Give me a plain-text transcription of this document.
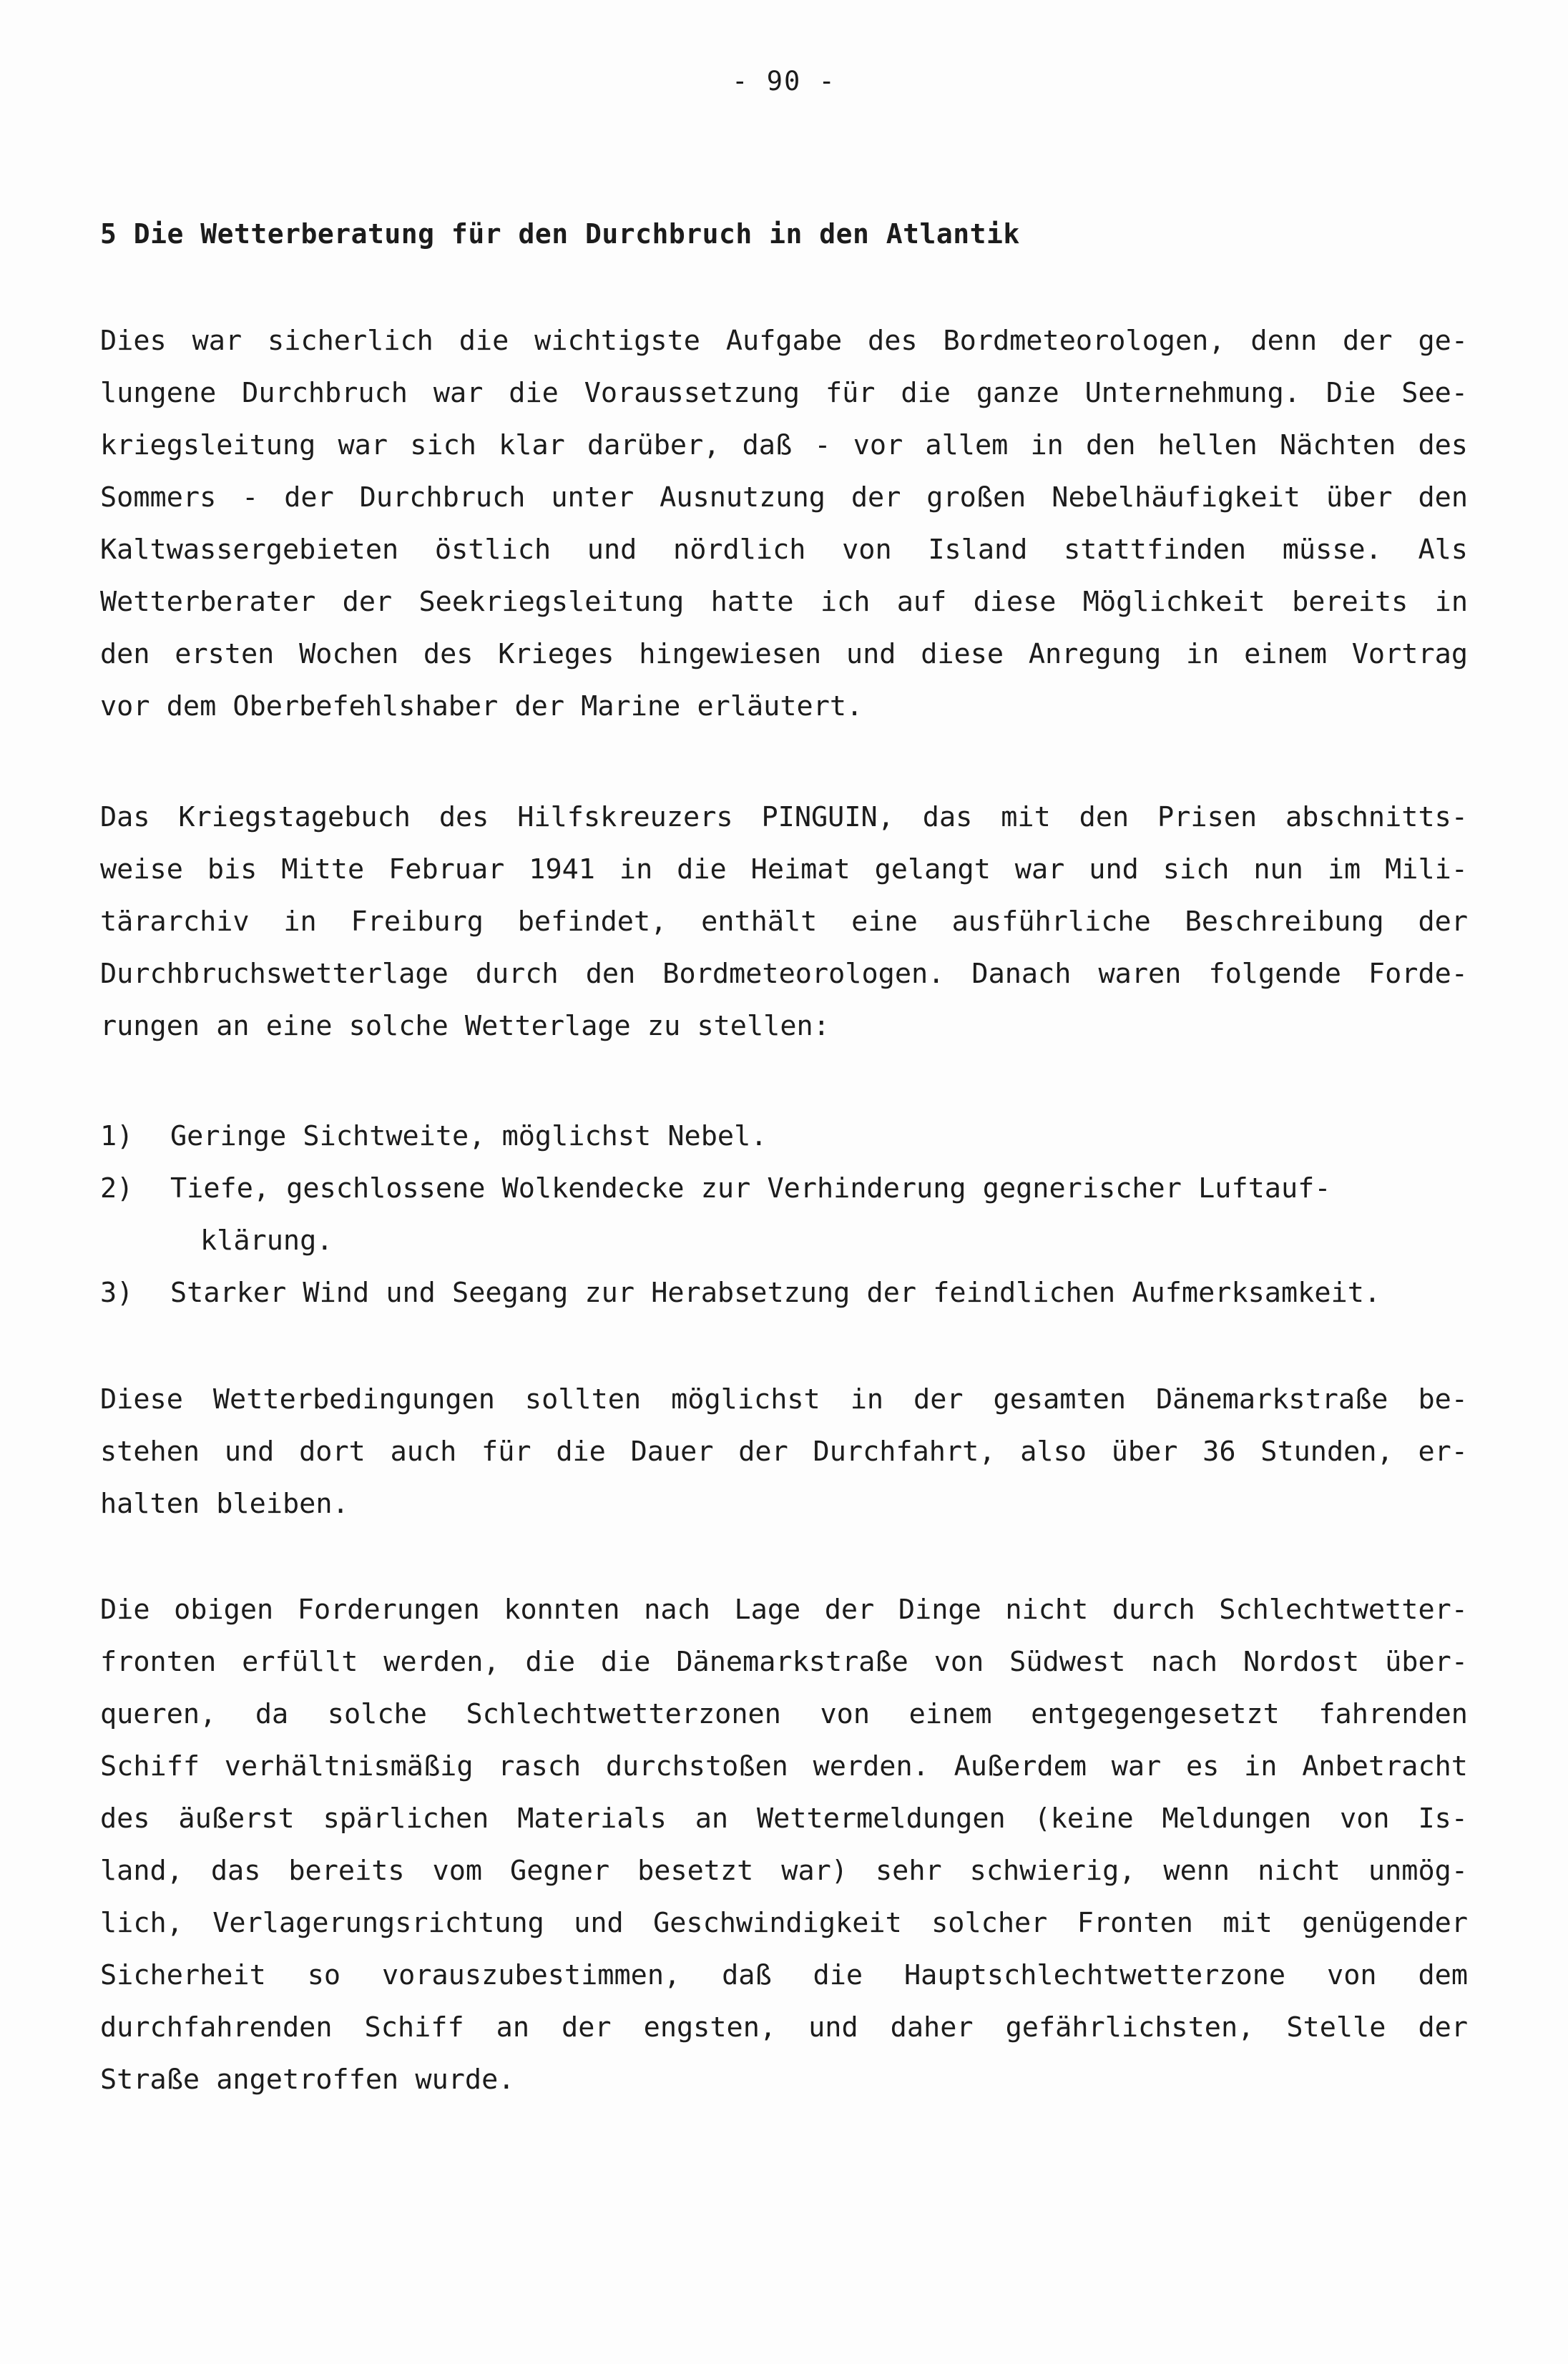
- 90 -
5 Die Wetterberatung für den Durchbruch in den Atlantik
Dies war sicherlich die wichtigste Aufgabe des Bordmeteorologen, denn der ge-
lungene Durchbruch war die Voraussetzung für die ganze Unternehmung. Die See-
kriegsleitung war sich klar darüber, daß - vor allem in den hellen Nächten des
Sommers - der Durchbruch unter Ausnutzung der großen Nebelhäufigkeit über den
Kaltwassergebieten östlich und nördlich von Island stattfinden müsse. Als
Wetterberater der Seekriegsleitung hatte ich auf diese Möglichkeit bereits in
den ersten Wochen des Krieges hingewiesen und diese Anregung in einem Vortrag
vor dem Oberbefehlshaber der Marine erläutert.
Das Kriegstagebuch des Hilfskreuzers PINGUIN, das mit den Prisen abschnitts-
weise bis Mitte Februar 1941 in die Heimat gelangt war und sich nun im Mili-
tärarchiv in Freiburg befindet, enthält eine ausführliche Beschreibung der
Durchbruchswetterlage durch den Bordmeteorologen. Danach waren folgende Forde-
rungen an eine solche Wetterlage zu stellen:
1) Geringe Sichtweite, möglichst Nebel.
2) Tiefe, geschlossene Wolkendecke zur Verhinderung gegnerischer Luftauf-
klärung.
3) Starker Wind und Seegang zur Herabsetzung der feindlichen Aufmerksamkeit.
Diese Wetterbedingungen sollten möglichst in der gesamten Dänemarkstraße be-
stehen und dort auch für die Dauer der Durchfahrt, also über 36 Stunden, er-
halten bleiben.
Die obigen Forderungen konnten nach Lage der Dinge nicht durch Schlechtwetter-
fronten erfüllt werden, die die Dänemarkstraße von Südwest nach Nordost über-
queren, da solche Schlechtwetterzonen von einem entgegengesetzt fahrenden
Schiff verhältnismäßig rasch durchstoßen werden. Außerdem war es in Anbetracht
des äußerst spärlichen Materials an Wettermeldungen (keine Meldungen von Is-
land, das bereits vom Gegner besetzt war) sehr schwierig, wenn nicht unmög-
lich, Verlagerungsrichtung und Geschwindigkeit solcher Fronten mit genügender
Sicherheit so vorauszubestimmen, daß die Hauptschlechtwetterzone von dem
durchfahrenden Schiff an der engsten, und daher gefährlichsten, Stelle der
Straße angetroffen wurde.
